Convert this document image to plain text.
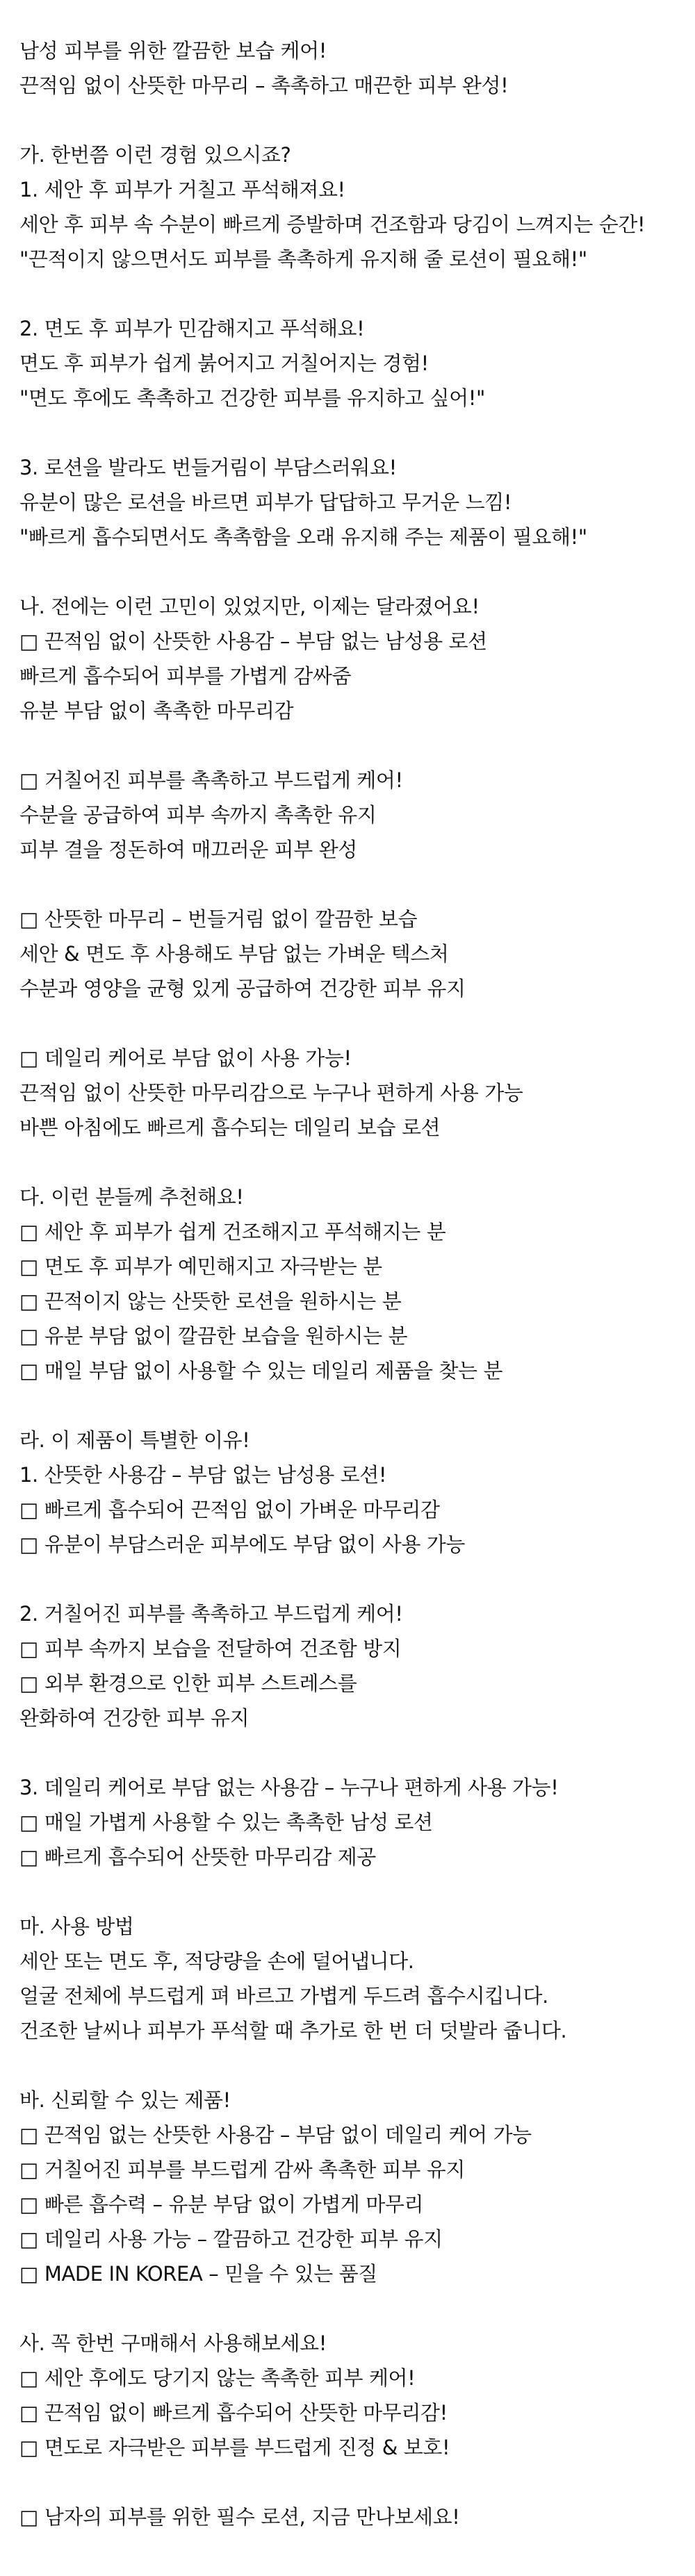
남성 피부를 위한 깔끔한 보습 케어!
끈적임 없이 산뜻한 마무리 – 촉촉하고 매끈한 피부 완성!
가. 한번쯤 이런 경험 있으시죠?
1. 세안 후 피부가 거칠고 푸석해져요!
세안 후 피부 속 수분이 빠르게 증발하며 건조함과 당김이 느껴지는 순간!
"끈적이지 않으면서도 피부를 촉촉하게 유지해 줄 로션이 필요해!"
2. 면도 후 피부가 민감해지고 푸석해요!
면도 후 피부가 쉽게 붉어지고 거칠어지는 경험!
"면도 후에도 촉촉하고 건강한 피부를 유지하고 싶어!"
3. 로션을 발라도 번들거림이 부담스러워요!
유분이 많은 로션을 바르면 피부가 답답하고 무거운 느낌!
"빠르게 흡수되면서도 촉촉함을 오래 유지해 주는 제품이 필요해!"
나. 전에는 이런 고민이 있었지만, 이제는 달라졌어요!
□ 끈적임 없이 산뜻한 사용감 – 부담 없는 남성용 로션
빠르게 흡수되어 피부를 가볍게 감싸줌
유분 부담 없이 촉촉한 마무리감
□ 거칠어진 피부를 촉촉하고 부드럽게 케어!
수분을 공급하여 피부 속까지 촉촉한 유지
피부 결을 정돈하여 매끄러운 피부 완성
□ 산뜻한 마무리 – 번들거림 없이 깔끔한 보습
세안 & 면도 후 사용해도 부담 없는 가벼운 텍스처
수분과 영양을 균형 있게 공급하여 건강한 피부 유지
□ 데일리 케어로 부담 없이 사용 가능!
끈적임 없이 산뜻한 마무리감으로 누구나 편하게 사용 가능
바쁜 아침에도 빠르게 흡수되는 데일리 보습 로션
다. 이런 분들께 추천해요!
□ 세안 후 피부가 쉽게 건조해지고 푸석해지는 분
□ 면도 후 피부가 예민해지고 자극받는 분
□ 끈적이지 않는 산뜻한 로션을 원하시는 분
□ 유분 부담 없이 깔끔한 보습을 원하시는 분
□ 매일 부담 없이 사용할 수 있는 데일리 제품을 찾는 분
라. 이 제품이 특별한 이유!
1. 산뜻한 사용감 – 부담 없는 남성용 로션!
□ 빠르게 흡수되어 끈적임 없이 가벼운 마무리감
□ 유분이 부담스러운 피부에도 부담 없이 사용 가능
2. 거칠어진 피부를 촉촉하고 부드럽게 케어!
□ 피부 속까지 보습을 전달하여 건조함 방지
□ 외부 환경으로 인한 피부 스트레스를
완화하여 건강한 피부 유지
3. 데일리 케어로 부담 없는 사용감 – 누구나 편하게 사용 가능!
□ 매일 가볍게 사용할 수 있는 촉촉한 남성 로션
□ 빠르게 흡수되어 산뜻한 마무리감 제공
마. 사용 방법
세안 또는 면도 후, 적당량을 손에 덜어냅니다.
얼굴 전체에 부드럽게 펴 바르고 가볍게 두드려 흡수시킵니다.
건조한 날씨나 피부가 푸석할 때 추가로 한 번 더 덧발라 줍니다.
바. 신뢰할 수 있는 제품!
□ 끈적임 없는 산뜻한 사용감 – 부담 없이 데일리 케어 가능
□ 거칠어진 피부를 부드럽게 감싸 촉촉한 피부 유지
□ 빠른 흡수력 – 유분 부담 없이 가볍게 마무리
□ 데일리 사용 가능 – 깔끔하고 건강한 피부 유지
□ MADE IN KOREA – 믿을 수 있는 품질
사. 꼭 한번 구매해서 사용해보세요!
□ 세안 후에도 당기지 않는 촉촉한 피부 케어!
□ 끈적임 없이 빠르게 흡수되어 산뜻한 마무리감!
□ 면도로 자극받은 피부를 부드럽게 진정 & 보호!
□ 남자의 피부를 위한 필수 로션, 지금 만나보세요!
